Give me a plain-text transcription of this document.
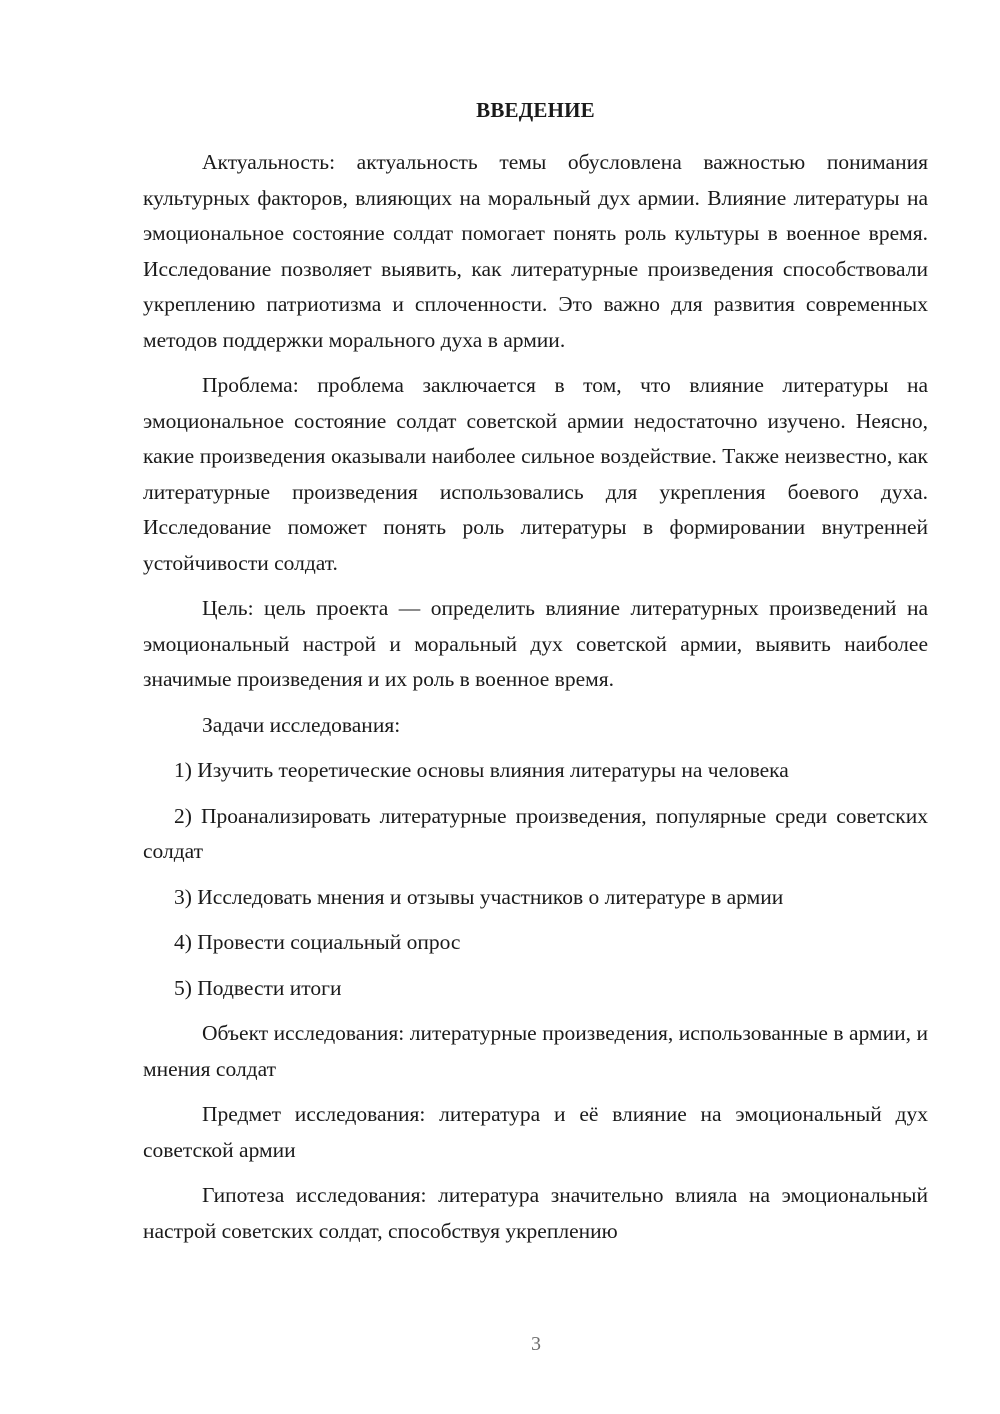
ВВЕДЕНИЕ

Актуальность: актуальность темы обусловлена важностью понимания культурных факторов, влияющих на моральный дух армии. Влияние литературы на эмоциональное состояние солдат помогает понять роль культуры в военное время. Исследование позволяет выявить, как литературные произведения способствовали укреплению патриотизма и сплоченности. Это важно для развития современных методов поддержки морального духа в армии.

Проблема: проблема заключается в том, что влияние литературы на эмоциональное состояние солдат советской армии недостаточно изучено. Неясно, какие произведения оказывали наиболее сильное воздействие. Также неизвестно, как литературные произведения использовались для укрепления боевого духа. Исследование поможет понять роль литературы в формировании внутренней устойчивости солдат.

Цель: цель проекта — определить влияние литературных произведений на эмоциональный настрой и моральный дух советской армии, выявить наиболее значимые произведения и их роль в военное время.

Задачи исследования:

1) Изучить теоретические основы влияния литературы на человека

2) Проанализировать литературные произведения, популярные среди советских солдат

3) Исследовать мнения и отзывы участников о литературе в армии

4) Провести социальный опрос

5) Подвести итоги

Объект исследования: литературные произведения, использованные в армии, и мнения солдат

Предмет исследования: литература и её влияние на эмоциональный дух советской армии

Гипотеза исследования: литература значительно влияла на эмоциональный настрой советских солдат, способствуя укреплению

3
